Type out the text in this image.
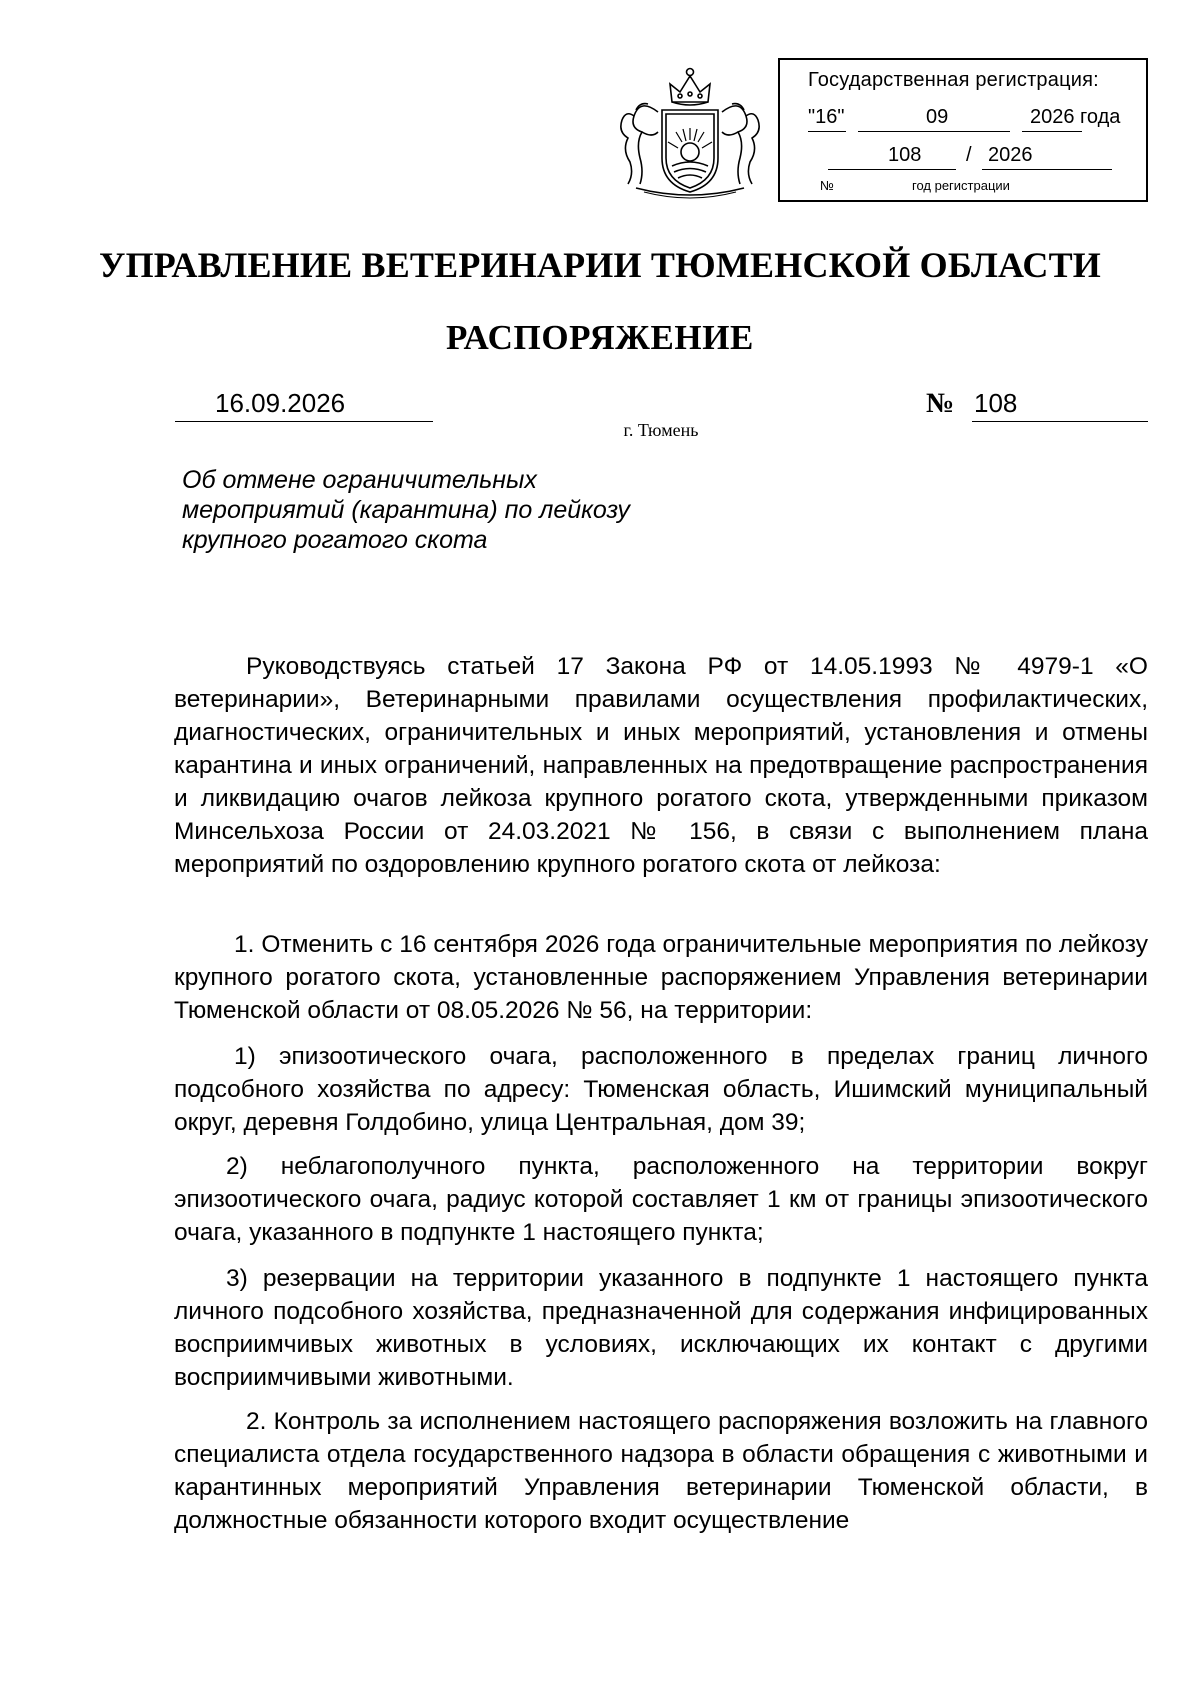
Государственная регистрация:
"16"	09	2026 года
108 / 2026
№	год регистрации
УПРАВЛЕНИЕ ВЕТЕРИНАРИИ ТЮМЕНСКОЙ ОБЛАСТИ
РАСПОРЯЖЕНИЕ
16.09.2026	№ 108
г. Тюмень
Об отмене ограничительных мероприятий (карантина) по лейкозу крупного рогатого скота
Руководствуясь статьей 17 Закона РФ от 14.05.1993 № 4979-1 «О ветеринарии», Ветеринарными правилами осуществления профилактических, диагностических, ограничительных и иных мероприятий, установления и отмены карантина и иных ограничений, направленных на предотвращение распространения и ликвидацию очагов лейкоза крупного рогатого скота, утвержденными приказом Минсельхоза России от 24.03.2021 № 156, в связи с выполнением плана мероприятий по оздоровлению крупного рогатого скота от лейкоза:
1. Отменить с 16 сентября 2026 года ограничительные мероприятия по лейкозу крупного рогатого скота, установленные распоряжением Управления ветеринарии Тюменской области от 08.05.2026 № 56, на территории:
1) эпизоотического очага, расположенного в пределах границ личного подсобного хозяйства по адресу: Тюменская область, Ишимский муниципальный округ, деревня Голдобино, улица Центральная, дом 39;
2) неблагополучного пункта, расположенного на территории вокруг эпизоотического очага, радиус которой составляет 1 км от границы эпизоотического очага, указанного в подпункте 1 настоящего пункта;
3) резервации на территории указанного в подпункте 1 настоящего пункта личного подсобного хозяйства, предназначенной для содержания инфицированных восприимчивых животных в условиях, исключающих их контакт с другими восприимчивыми животными.
2. Контроль за исполнением настоящего распоряжения возложить на главного специалиста отдела государственного надзора в области обращения с животными и карантинных мероприятий Управления ветеринарии Тюменской области, в должностные обязанности которого входит осуществление
